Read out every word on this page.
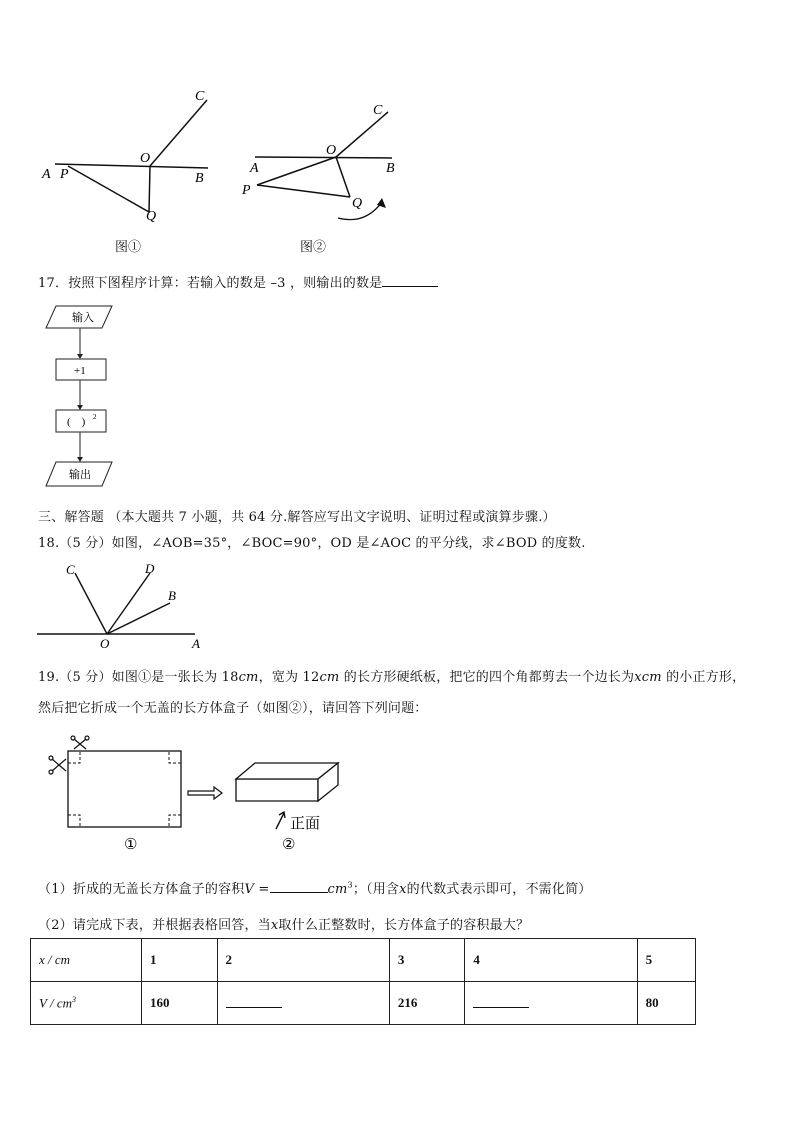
C
O
A P	B
Q
C
O
A	B
P
Q
图①	图②
17．按照下图程序计算：若输入的数是 –3 ，则输出的数是
输入
+1
(　) 2
输出
三、解答题 （本大题共 7 小题，共 64 分.解答应写出文字说明、证明过程或演算步骤.）
18.（5 分）如图，∠AOB=35°，∠BOC=90°，OD 是∠AOC 的平分线，求∠BOD 的度数.
C	D
B
O	A
19.（5 分）如图①是一张长为 18cm，宽为 12cm 的长方形硬纸板，把它的四个角都剪去一个边长为xcm 的小正方形，
然后把它折成一个无盖的长方体盒子（如图②），请回答下列问题：
正面
①	②
（1）折成的无盖长方体盒子的容积V =	$cm^3$；（用含x的代数式表示即可，不需化简）
（2）请完成下表，并根据表格回答，当x取什么正整数时，长方体盒子的容积最大？
x / cm	1	2	3	4	5
V / $cm^3$	160		216		80
